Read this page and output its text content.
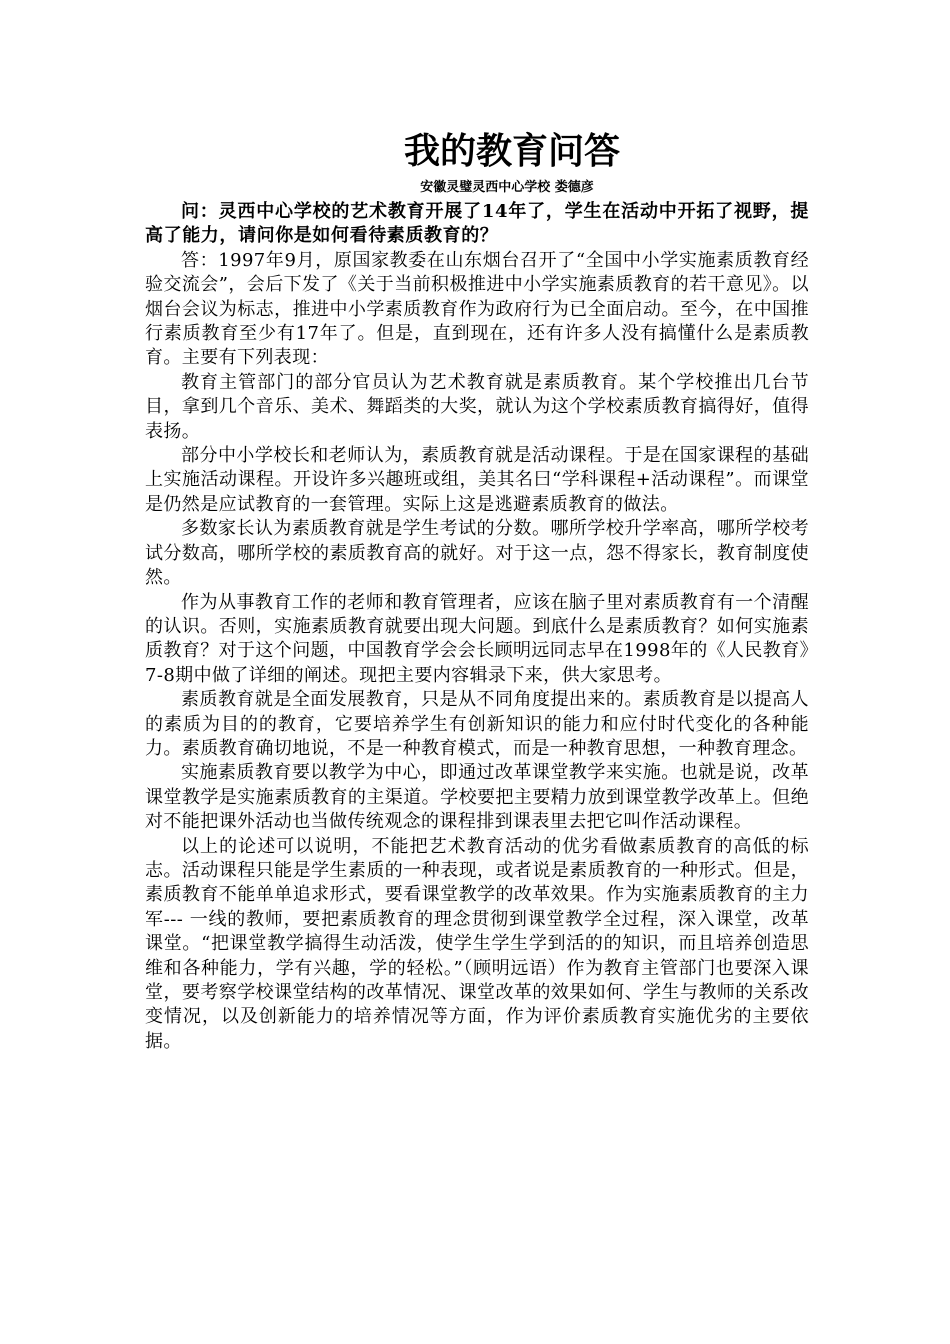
我的教育问答
安徽灵璧灵西中心学校 娄德彦

问：灵西中心学校的艺术教育开展了14年了，学生在活动中开拓了视野，提高了能力，请问你是如何看待素质教育的？

答：1997年9月，原国家教委在山东烟台召开了“全国中小学实施素质教育经验交流会”，会后下发了《关于当前积极推进中小学实施素质教育的若干意见》。以烟台会议为标志，推进中小学素质教育作为政府行为已全面启动。至今，在中国推行素质教育至少有17年了。但是，直到现在，还有许多人没有搞懂什么是素质教育。主要有下列表现：

教育主管部门的部分官员认为艺术教育就是素质教育。某个学校推出几台节目，拿到几个音乐、美术、舞蹈类的大奖，就认为这个学校素质教育搞得好，值得表扬。

部分中小学校长和老师认为，素质教育就是活动课程。于是在国家课程的基础上实施活动课程。开设许多兴趣班或组，美其名曰“学科课程+活动课程”。而课堂是仍然是应试教育的一套管理。实际上这是逃避素质教育的做法。

多数家长认为素质教育就是学生考试的分数。哪所学校升学率高，哪所学校考试分数高，哪所学校的素质教育高的就好。对于这一点，怨不得家长，教育制度使然。

作为从事教育工作的老师和教育管理者，应该在脑子里对素质教育有一个清醒的认识。否则，实施素质教育就要出现大问题。到底什么是素质教育？如何实施素质教育？对于这个问题，中国教育学会会长顾明远同志早在1998年的《人民教育》7-8期中做了详细的阐述。现把主要内容辑录下来，供大家思考。

素质教育就是全面发展教育，只是从不同角度提出来的。素质教育是以提高人的素质为目的的教育，它要培养学生有创新知识的能力和应付时代变化的各种能力。素质教育确切地说，不是一种教育模式，而是一种教育思想，一种教育理念。

实施素质教育要以教学为中心，即通过改革课堂教学来实施。也就是说，改革课堂教学是实施素质教育的主渠道。学校要把主要精力放到课堂教学改革上。但绝对不能把课外活动也当做传统观念的课程排到课表里去把它叫作活动课程。

以上的论述可以说明，不能把艺术教育活动的优劣看做素质教育的高低的标志。活动课程只能是学生素质的一种表现，或者说是素质教育的一种形式。但是，素质教育不能单单追求形式，要看课堂教学的改革效果。作为实施素质教育的主力军--- 一线的教师，要把素质教育的理念贯彻到课堂教学全过程，深入课堂，改革课堂。“把课堂教学搞得生动活泼，使学生学生学到活的的知识，而且培养创造思维和各种能力，学有兴趣，学的轻松。”（顾明远语）作为教育主管部门也要深入课堂，要考察学校课堂结构的改革情况、课堂改革的效果如何、学生与教师的关系改变情况，以及创新能力的培养情况等方面，作为评价素质教育实施优劣的主要依据。
